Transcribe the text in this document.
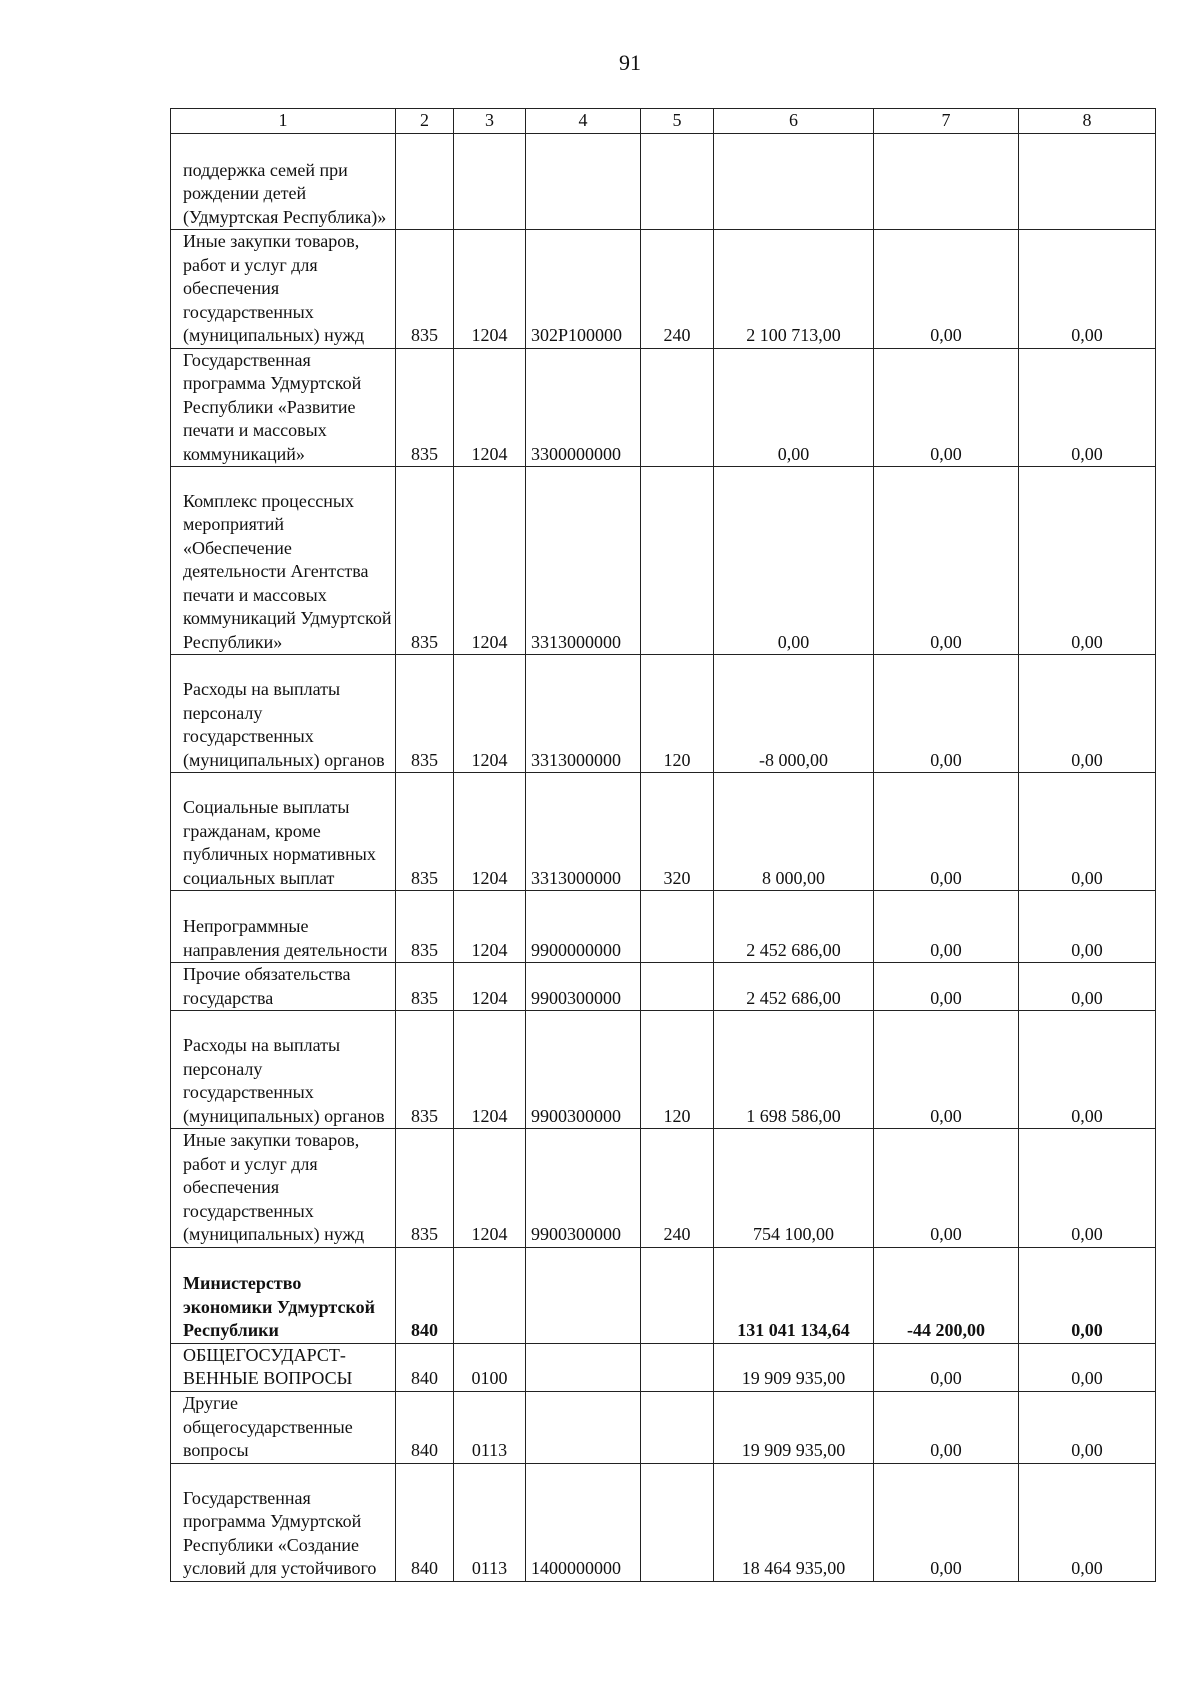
91
1	2	3	4	5	6	7	8
поддержка семей при рождении детей (Удмуртская Республика)»							
Иные закупки товаров, работ и услуг для обеспечения государственных (муниципальных) нужд	835	1204	302P100000	240	2 100 713,00	0,00	0,00
Государственная программа Удмуртской Республики «Развитие печати и массовых коммуникаций»	835	1204	3300000000		0,00	0,00	0,00
Комплекс процессных мероприятий «Обеспечение деятельности Агентства печати и массовых коммуникаций Удмуртской Республики»	835	1204	3313000000		0,00	0,00	0,00
Расходы на выплаты персоналу государственных (муниципальных) органов	835	1204	3313000000	120	-8 000,00	0,00	0,00
Социальные выплаты гражданам, кроме публичных нормативных социальных выплат	835	1204	3313000000	320	8 000,00	0,00	0,00
Непрограммные направления деятельности	835	1204	9900000000		2 452 686,00	0,00	0,00
Прочие обязательства государства	835	1204	9900300000		2 452 686,00	0,00	0,00
Расходы на выплаты персоналу государственных (муниципальных) органов	835	1204	9900300000	120	1 698 586,00	0,00	0,00
Иные закупки товаров, работ и услуг для обеспечения государственных (муниципальных) нужд	835	1204	9900300000	240	754 100,00	0,00	0,00
Министерство экономики Удмуртской Республики	840				131 041 134,64	-44 200,00	0,00
ОБЩЕГОСУДАРСТ-ВЕННЫЕ ВОПРОСЫ	840	0100			19 909 935,00	0,00	0,00
Другие общегосударственные вопросы	840	0113			19 909 935,00	0,00	0,00
Государственная программа Удмуртской Республики «Создание условий для устойчивого	840	0113	1400000000		18 464 935,00	0,00	0,00
